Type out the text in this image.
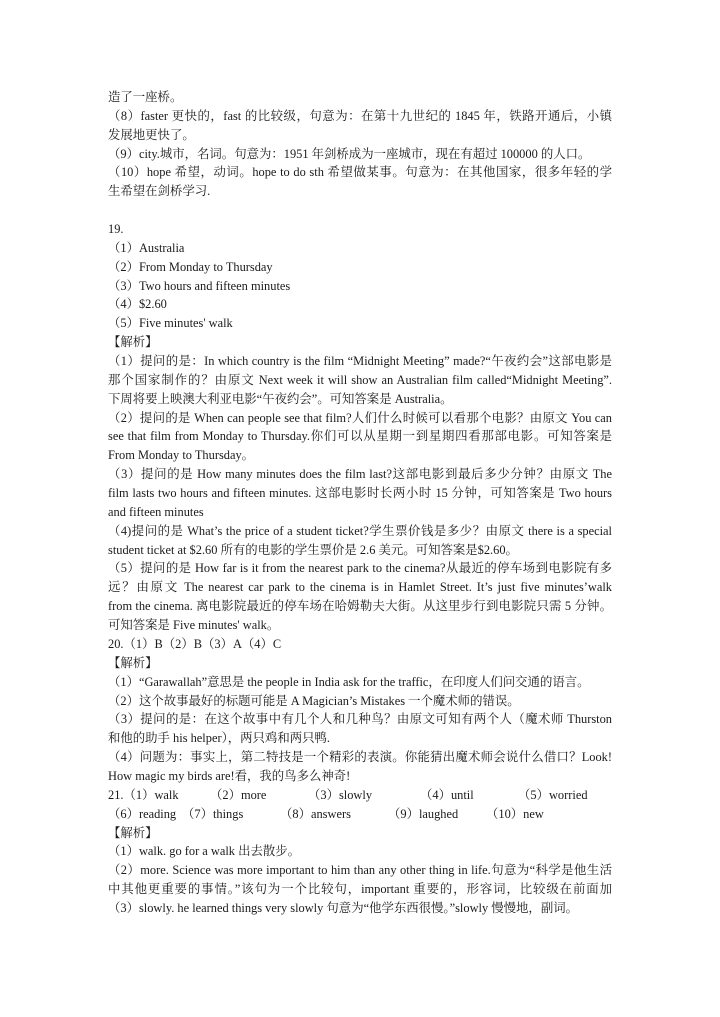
造了一座桥。
（8）faster 更快的，fast 的比较级，句意为：在第十九世纪的 1845 年，铁路开通后，小镇
发展地更快了。
（9）city.城市，名词。句意为：1951 年剑桥成为一座城市，现在有超过 100000 的人口。
（10）hope 希望，动词。hope to do sth 希望做某事。句意为：在其他国家，很多年轻的学
生希望在剑桥学习.
19.
（1）Australia
（2）From Monday to Thursday
（3）Two hours and fifteen minutes
（4）$2.60
（5）Five minutes' walk
【解析】
（1）提问的是：In which country is the film “Midnight Meeting” made?“午夜约会”这部电影是
那个国家制作的？由原文 Next week it will show an Australian film called“Midnight Meeting”.
下周将要上映澳大利亚电影“午夜约会”。可知答案是 Australia。
（2）提问的是 When can people see that film?人们什么时候可以看那个电影？由原文 You can
see that film from Monday to Thursday.你们可以从星期一到星期四看那部电影。可知答案是
From Monday to Thursday。
（3）提问的是 How many minutes does the film last?这部电影到最后多少分钟？由原文 The
film lasts two hours and fifteen minutes. 这部电影时长两小时 15 分钟，可知答案是 Two hours
and fifteen minutes
（4)提问的是 What’s the price of a student ticket?学生票价钱是多少？由原文 there is a special
student ticket at $2.60 所有的电影的学生票价是 2.6 美元。可知答案是$2.60。
（5）提问的是 How far is it from the nearest park to the cinema?从最近的停车场到电影院有多
远？由原文 The nearest car park to the cinema is in Hamlet Street. It’s just five minutes’walk
from the cinema. 离电影院最近的停车场在哈姆勒夫大街。从这里步行到电影院只需 5 分钟。
可知答案是 Five minutes' walk。
20.（1）B（2）B（3）A（4）C
【解析】
（1）“Garawallah”意思是 the people in India ask for the traffic，在印度人们问交通的语言。
（2）这个故事最好的标题可能是 A Magician’s Mistakes 一个魔术师的错误。
（3）提问的是：在这个故事中有几个人和几种鸟？由原文可知有两个人（魔术师 Thurston
和他的助手 his helper），两只鸡和两只鸭.
（4）问题为：事实上，第二特技是一个精彩的表演。你能猜出魔术师会说什么借口？Look!
How magic my birds are!看，我的鸟多么神奇!
21.（1）walk	（2）more	（3）slowly	（4）until	（5）worried
（6）reading （7）things	（8）answers	（9）laughed （10）new
【解析】
（1）walk. go for a walk 出去散步。
（2）more. Science was more important to him than any other thing in life.句意为“科学是他生活
中其他更重要的事情。”该句为一个比较句，important 重要的，形容词，比较级在前面加
（3）slowly. he learned things very slowly 句意为“他学东西很慢。”slowly 慢慢地，副词。
